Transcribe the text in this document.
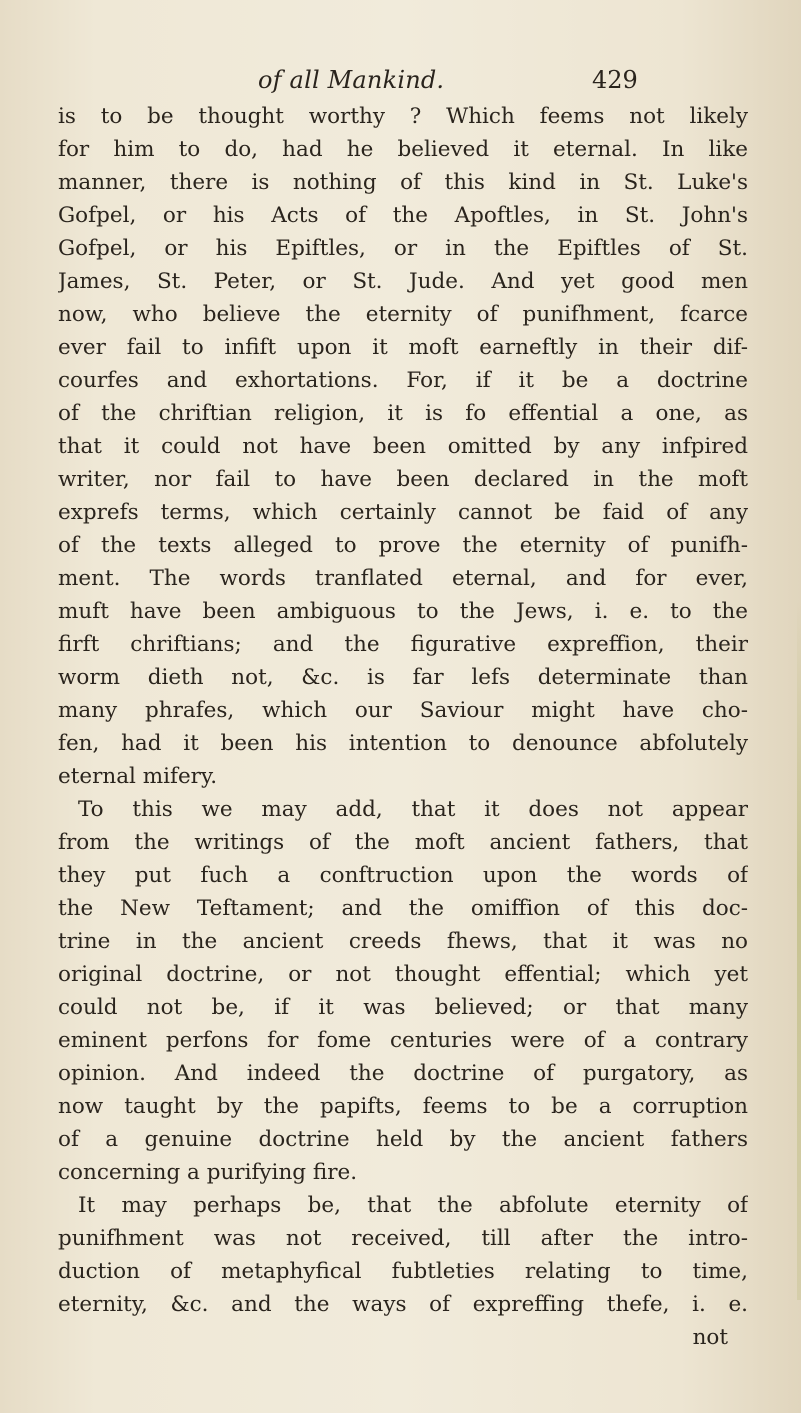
of all Mankind.	429
is to be thought worthy ? Which feems not likely
for him to do, had he believed it eternal. In like
manner, there is nothing of this kind in St. Luke's
Gofpel, or his Acts of the Apoftles, in St. John's
Gofpel, or his Epiftles, or in the Epiftles of St.
James, St. Peter, or St. Jude. And yet good men
now, who believe the eternity of punifhment, fcarce
ever fail to infift upon it moft earneftly in their dif-
courfes and exhortations. For, if it be a doctrine
of the chriftian religion, it is fo effential a one, as
that it could not have been omitted by any infpired
writer, nor fail to have been declared in the moft
exprefs terms, which certainly cannot be faid of any
of the texts alleged to prove the eternity of punifh-
ment. The words tranflated eternal, and for ever,
muft have been ambiguous to the Jews, i. e. to the
firft chriftians; and the figurative expreffion, their
worm dieth not, &c. is far lefs determinate than
many phrafes, which our Saviour might have cho-
fen, had it been his intention to denounce abfolutely
eternal mifery.
To this we may add, that it does not appear
from the writings of the moft ancient fathers, that
they put fuch a conftruction upon the words of
the New Teftament; and the omiffion of this doc-
trine in the ancient creeds fhews, that it was no
original doctrine, or not thought effential; which yet
could not be, if it was believed; or that many
eminent perfons for fome centuries were of a contrary
opinion. And indeed the doctrine of purgatory, as
now taught by the papifts, feems to be a corruption
of a genuine doctrine held by the ancient fathers
concerning a purifying fire.
It may perhaps be, that the abfolute eternity of
punifhment was not received, till after the intro-
duction of metaphyfical fubtleties relating to time,
eternity, &c. and the ways of expreffing thefe, i. e.
not
